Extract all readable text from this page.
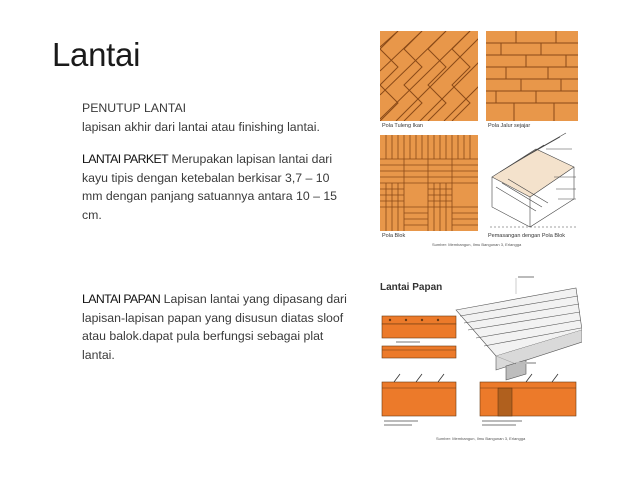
Lantai
PENUTUP LANTAI
lapisan akhir dari lantai atau finishing lantai.
LANTAI PARKET Merupakan lapisan lantai dari kayu tipis dengan ketebalan berkisar 3,7 – 10 mm dengan panjang satuannya antara 10 – 15 cm.
LANTAI PAPAN Lapisan lantai yang dipasang dari lapisan-lapisan papan yang disusun diatas sloof atau balok.dapat pula berfungsi sebagai plat lantai.
Pola Tuleng Ikan	Pola Jalur sejajar
Pola Blok	Pemasangan dengan Pola Blok
Sumber: Membangun, Ilmu Bangunan 3, Erlangga
Lantai Papan
Sumber: Membangun, Ilmu Bangunan 3, Erlangga
